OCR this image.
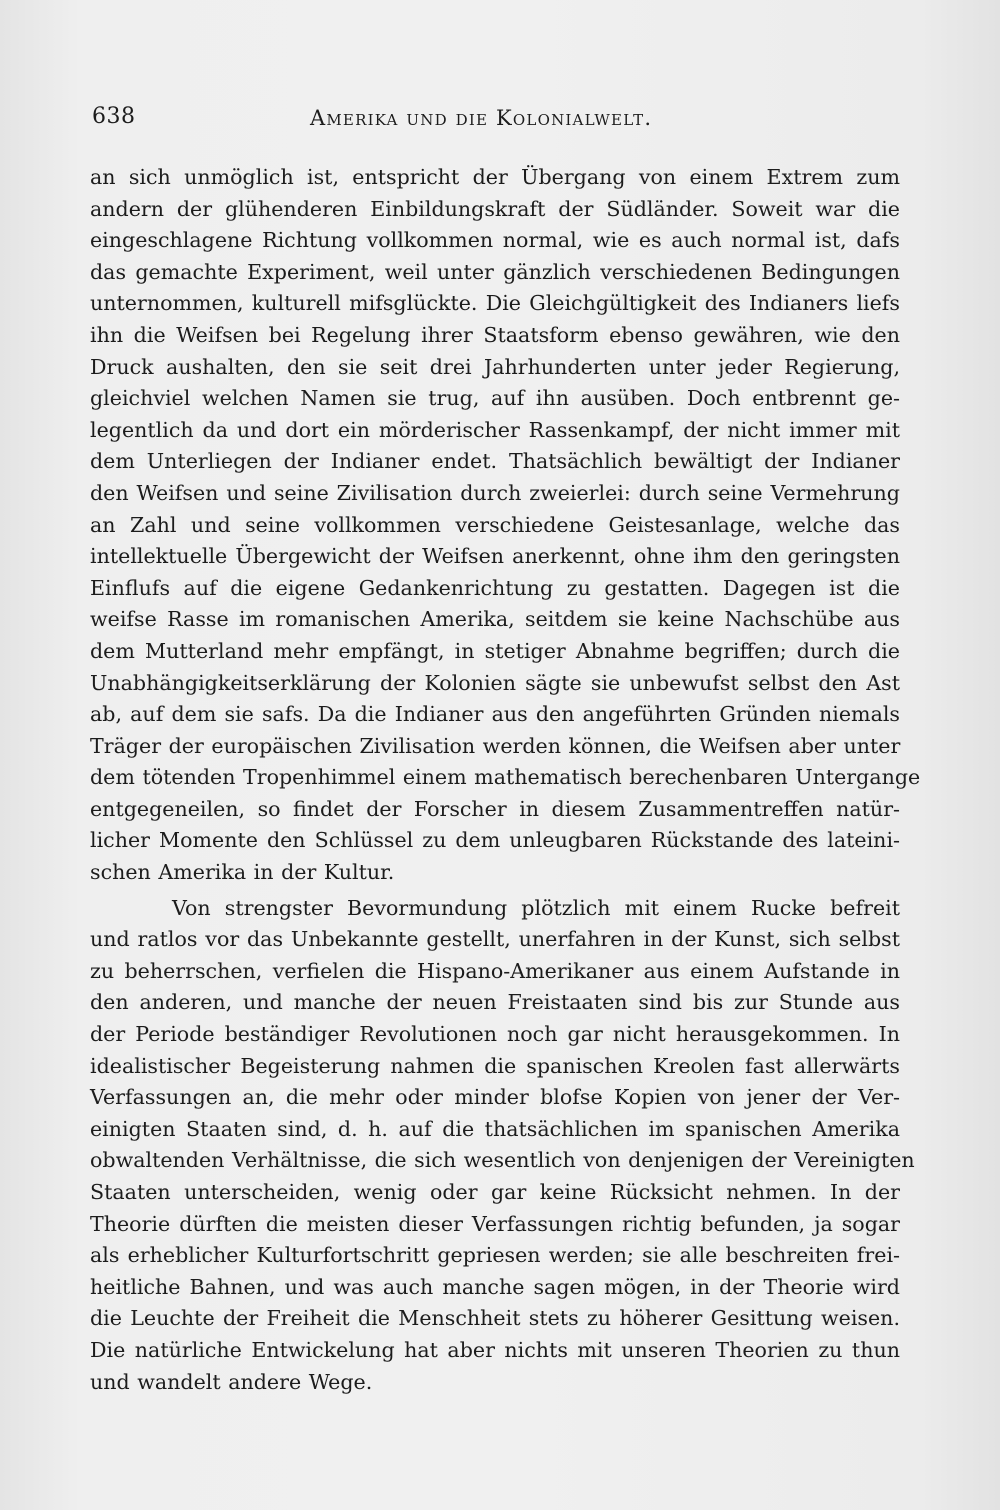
638	Amerika und die Kolonialwelt.
an sich unmöglich ist, entspricht der Übergang von einem Extrem zum
andern der glühenderen Einbildungskraft der Südländer. Soweit war die
eingeschlagene Richtung vollkommen normal, wie es auch normal ist, dafs
das gemachte Experiment, weil unter gänzlich verschiedenen Bedingungen
unternommen, kulturell mifsglückte. Die Gleichgültigkeit des Indianers liefs
ihn die Weifsen bei Regelung ihrer Staatsform ebenso gewähren, wie den
Druck aushalten, den sie seit drei Jahrhunderten unter jeder Regierung,
gleichviel welchen Namen sie trug, auf ihn ausüben. Doch entbrennt ge-
legentlich da und dort ein mörderischer Rassenkampf, der nicht immer mit
dem Unterliegen der Indianer endet. Thatsächlich bewältigt der Indianer
den Weifsen und seine Zivilisation durch zweierlei: durch seine Vermehrung
an Zahl und seine vollkommen verschiedene Geistesanlage, welche das
intellektuelle Übergewicht der Weifsen anerkennt, ohne ihm den geringsten
Einflufs auf die eigene Gedankenrichtung zu gestatten. Dagegen ist die
weifse Rasse im romanischen Amerika, seitdem sie keine Nachschübe aus
dem Mutterland mehr empfängt, in stetiger Abnahme begriffen; durch die
Unabhängigkeitserklärung der Kolonien sägte sie unbewufst selbst den Ast
ab, auf dem sie safs. Da die Indianer aus den angeführten Gründen niemals
Träger der europäischen Zivilisation werden können, die Weifsen aber unter
dem tötenden Tropenhimmel einem mathematisch berechenbaren Untergange
entgegeneilen, so findet der Forscher in diesem Zusammentreffen natür-
licher Momente den Schlüssel zu dem unleugbaren Rückstande des lateini-
schen Amerika in der Kultur.
Von strengster Bevormundung plötzlich mit einem Rucke befreit
und ratlos vor das Unbekannte gestellt, unerfahren in der Kunst, sich selbst
zu beherrschen, verfielen die Hispano-Amerikaner aus einem Aufstande in
den anderen, und manche der neuen Freistaaten sind bis zur Stunde aus
der Periode beständiger Revolutionen noch gar nicht herausgekommen. In
idealistischer Begeisterung nahmen die spanischen Kreolen fast allerwärts
Verfassungen an, die mehr oder minder blofse Kopien von jener der Ver-
einigten Staaten sind, d. h. auf die thatsächlichen im spanischen Amerika
obwaltenden Verhältnisse, die sich wesentlich von denjenigen der Vereinigten
Staaten unterscheiden, wenig oder gar keine Rücksicht nehmen. In der
Theorie dürften die meisten dieser Verfassungen richtig befunden, ja sogar
als erheblicher Kulturfortschritt gepriesen werden; sie alle beschreiten frei-
heitliche Bahnen, und was auch manche sagen mögen, in der Theorie wird
die Leuchte der Freiheit die Menschheit stets zu höherer Gesittung weisen.
Die natürliche Entwickelung hat aber nichts mit unseren Theorien zu thun
und wandelt andere Wege.
